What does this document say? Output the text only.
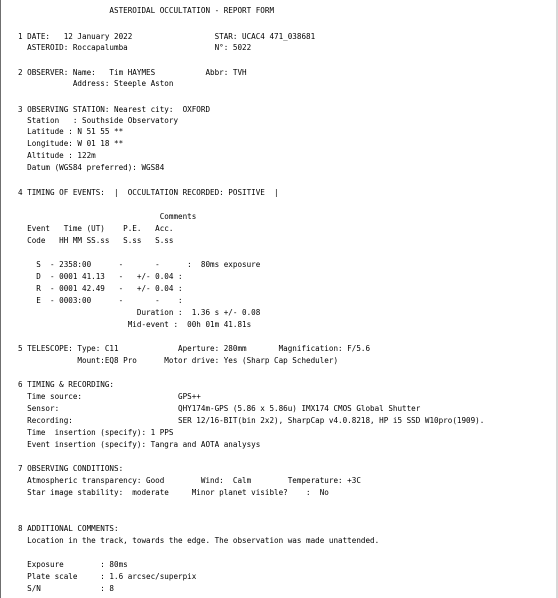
ASTEROIDAL OCCULTATION - REPORT FORM
1 DATE:   12 January 2022                  STAR: UCAC4 471_038681
ASTEROID: Roccapalumba                   N°: 5022
2 OBSERVER: Name:   Tim HAYMES           Abbr: TVH
Address: Steeple Aston
3 OBSERVING STATION: Nearest city:  OXFORD
Station   : Southside Observatory
Latitude : N 51 55 **
Longitude: W 01 18 **
Altitude : 122m
Datum (WGS84 preferred): WGS84
4 TIMING OF EVENTS:  |  OCCULTATION RECORDED: POSITIVE  |
Comments
Event   Time (UT)    P.E.   Acc.
Code   HH MM SS.ss   S.ss   S.ss
S  - 2358:00      -       -      :  80ms exposure
D  - 0001 41.13   -   +/- 0.04 :
R  - 0001 42.49   -   +/- 0.04 :
E  - 0003:00      -       -    :
Duration :  1.36 s +/- 0.08
Mid-event :  00h 01m 41.81s
5 TELESCOPE: Type: C11             Aperture: 280mm       Magnification: F/5.6
Mount:EQ8 Pro      Motor drive: Yes (Sharp Cap Scheduler)
6 TIMING & RECORDING:
Time source:                     GPS++
Sensor:                          QHY174m-GPS (5.86 x 5.86u) IMX174 CMOS Global Shutter
Recording:                       SER 12/16-BIT(bin 2x2), SharpCap v4.0.8218, HP i5 SSD W10pro(1909).
Time  insertion (specify): 1 PPS
Event insertion (specify): Tangra and AOTA analysys
7 OBSERVING CONDITIONS:
Atmospheric transparency: Good        Wind:  Calm        Temperature: +3C
Star image stability:  moderate     Minor planet visible?    :  No
8 ADDITIONAL COMMENTS:
Location in the track, towards the edge. The observation was made unattended.
Exposure        : 80ms
Plate scale     : 1.6 arcsec/superpix
S/N             : 8
